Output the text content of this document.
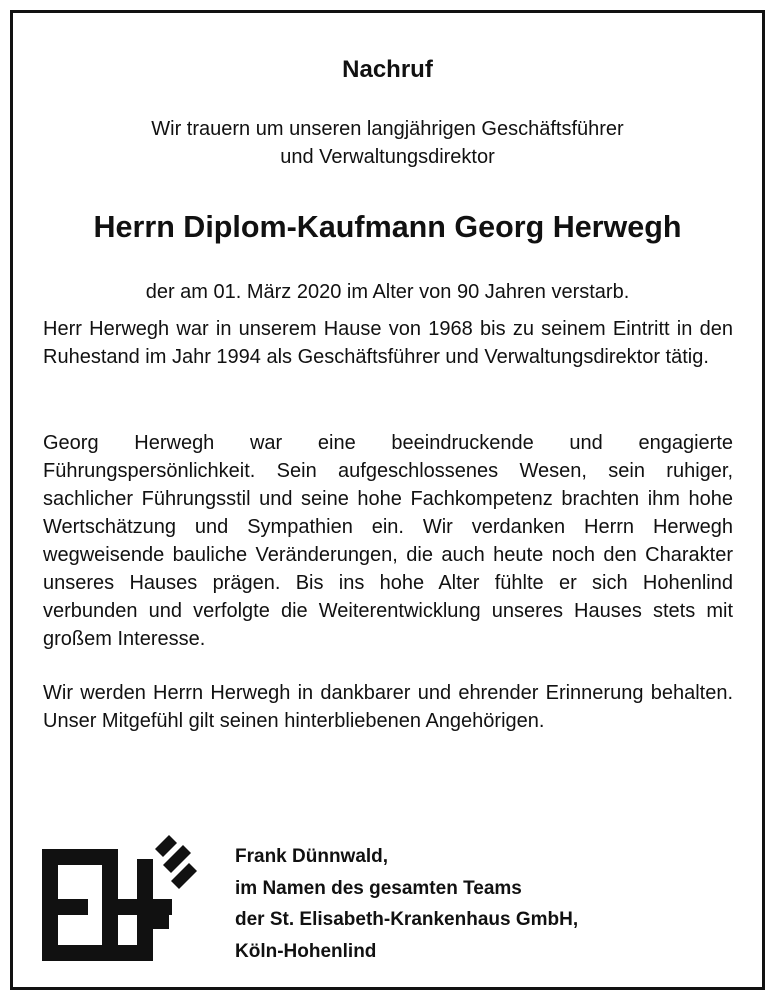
Nachruf
Wir trauern um unseren langjährigen Geschäftsführer
und Verwaltungsdirektor
Herrn Diplom-Kaufmann Georg Herwegh
der am 01. März 2020 im Alter von 90 Jahren verstarb.
Herr Herwegh war in unserem Hause von 1968 bis zu seinem Eintritt in den Ruhestand im Jahr 1994 als Geschäftsführer und Verwaltungsdirektor tätig.
Georg Herwegh war eine beeindruckende und engagierte Führungspersönlichkeit. Sein aufgeschlossenes Wesen, sein ruhiger, sachlicher Führungsstil und seine hohe Fachkompetenz brachten ihm hohe Wertschätzung und Sympathien ein. Wir verdanken Herrn Herwegh wegweisende bauliche Veränderungen, die auch heute noch den Charakter unseres Hauses prägen. Bis ins hohe Alter fühlte er sich Hohenlind verbunden und verfolgte die Weiterentwicklung unseres Hauses stets mit großem Interesse.
Wir werden Herrn Herwegh in dankbarer und ehrender Erinnerung behalten. Unser Mitgefühl gilt seinen hinterbliebenen Angehörigen.
Frank Dünnwald,
im Namen des gesamten Teams
der St. Elisabeth-Krankenhaus GmbH,
Köln-Hohenlind
